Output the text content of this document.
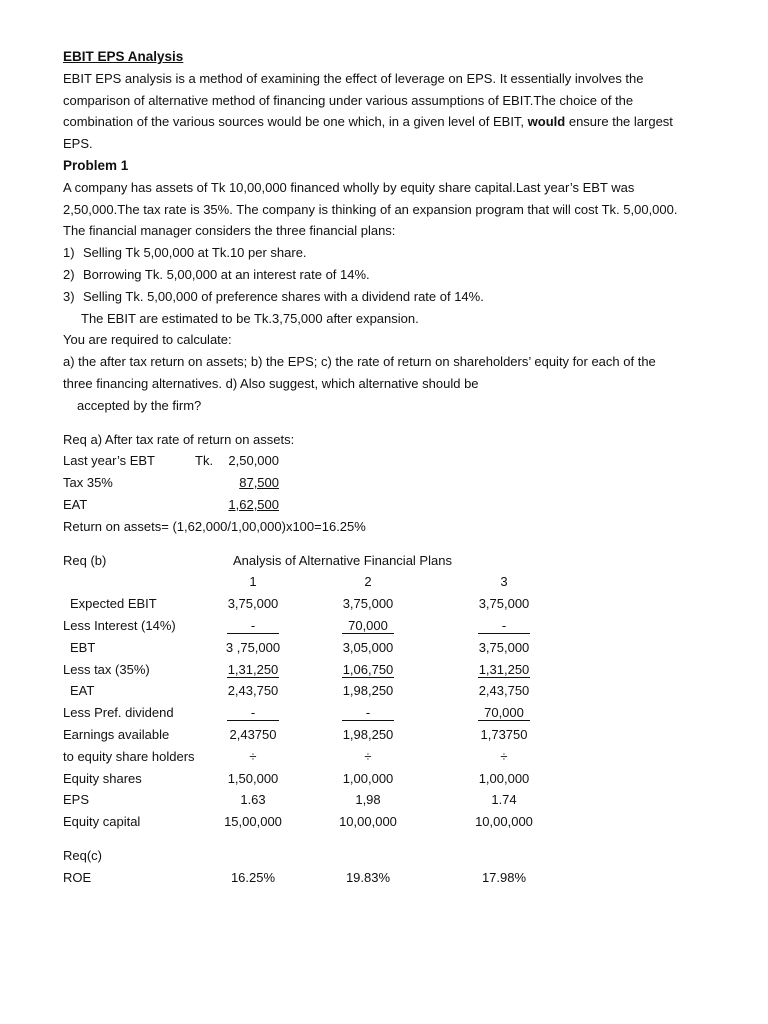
EBIT EPS Analysis
EBIT EPS analysis is a method of examining the effect of leverage on EPS. It essentially involves the
comparison of alternative method of financing under various assumptions of EBIT.The choice of the
combination of the various sources would be one which, in a given level of EBIT, would ensure the largest
EPS.
Problem 1
A company has assets of Tk 10,00,000 financed wholly by equity share capital.Last year’s EBT was
2,50,000.The tax rate is 35%. The company is thinking of an expansion program that will cost Tk. 5,00,000.
The financial manager considers the three financial plans:
1) Selling Tk 5,00,000 at Tk.10 per share.
2) Borrowing Tk. 5,00,000 at an interest rate of 14%.
3) Selling Tk. 5,00,000 of preference shares with a dividend rate of 14%.
The EBIT are estimated to be Tk.3,75,000 after expansion.
You are required to calculate:
a) the after tax return on assets; b) the EPS; c) the rate of return on shareholders’ equity for each of the
three financing alternatives. d) Also suggest, which alternative should be
accepted by the firm?
Req a) After tax rate of return on assets:
Last year’s EBT	Tk.	2,50,000
Tax 35%	87,500
EAT	1,62,500
Return on assets= (1,62,000/1,00,000)x100=16.25%
Req (b)	Analysis of Alternative Financial Plans
1	2	3
Expected EBIT	3,75,000	3,75,000	3,75,000
Less Interest (14%)	-	70,000	-
EBT	3 ,75,000	3,05,000	3,75,000
Less tax (35%)	1,31,250	1,06,750	1,31,250
EAT	2,43,750	1,98,250	2,43,750
Less Pref. dividend	-	-	70,000
Earnings available	2,43750	1,98,250	1,73750
to equity share holders	÷	÷	÷
Equity shares	1,50,000	1,00,000	1,00,000
EPS	1.63	1,98	1.74
Equity capital	15,00,000	10,00,000	10,00,000
Req(c)
ROE	16.25%	19.83%	17.98%
